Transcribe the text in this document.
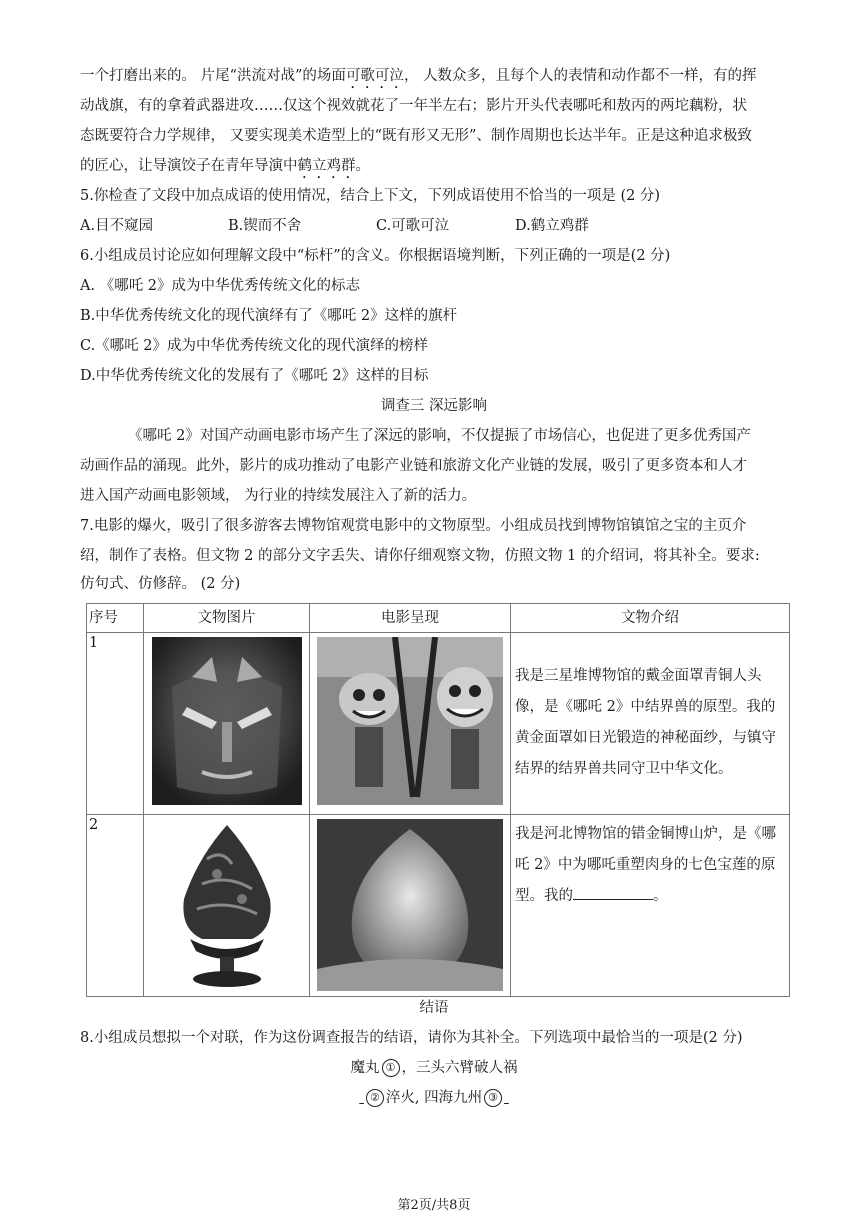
一个打磨出来的。 片尾“洪流对战”的场面可歌可泣， 人数众多，且每个人的表情和动作都不一样，有的挥
动战旗，有的拿着武器进攻……仅这个视效就花了一年半左右；影片开头代表哪吒和敖丙的两坨藕粉，状
态既要符合力学规律， 又要实现美术造型上的“既有形又无形”、制作周期也长达半年。正是这种追求极致
的匠心，让导演饺子在青年导演中鹤立鸡群。
5.你检查了文段中加点成语的使用情况，结合上下文，下列成语使用不恰当的一项是 (2 分)
A.目不窥园	B.锲而不舍	C.可歌可泣	D.鹤立鸡群
6.小组成员讨论应如何理解文段中“标杆”的含义。你根据语境判断，下列正确的一项是(2 分)
A. 《哪吒 2》成为中华优秀传统文化的标志
B.中华优秀传统文化的现代演绎有了《哪吒 2》这样的旗杆
C.《哪吒 2》成为中华优秀传统文化的现代演绎的榜样
D.中华优秀传统文化的发展有了《哪吒 2》这样的目标
调查三 深远影响
《哪吒 2》对国产动画电影市场产生了深远的影响，不仅提振了市场信心，也促进了更多优秀国产
动画作品的涌现。此外，影片的成功推动了电影产业链和旅游文化产业链的发展，吸引了更多资本和人才
进入国产动画电影领域， 为行业的持续发展注入了新的活力。
7.电影的爆火，吸引了很多游客去博物馆观赏电影中的文物原型。小组成员找到博物馆镇馆之宝的主页介
绍，制作了表格。但文物 2 的部分文字丢失、请你仔细观察文物，仿照文物 1 的介绍词，将其补全。要求:
仿句式、仿修辞。 (2 分)
序号	文物图片	电影呈现	文物介绍
1			我是三星堆博物馆的戴金面罩青铜人头像，是《哪吒 2》中结界兽的原型。我的黄金面罩如日光锻造的神秘面纱，与镇守结界的结界兽共同守卫中华文化。

2			我是河北博物馆的错金铜博山炉，是《哪吒 2》中为哪吒重塑肉身的七色宝莲的原型。我的 。
结语
8.小组成员想拟一个对联，作为这份调查报告的结语，请你为其补全。下列选项中最恰当的一项是(2 分)
魔丸 ① ，三头六臂破人祸
② 淬火, 四海九州 ③
第2页/共8页
